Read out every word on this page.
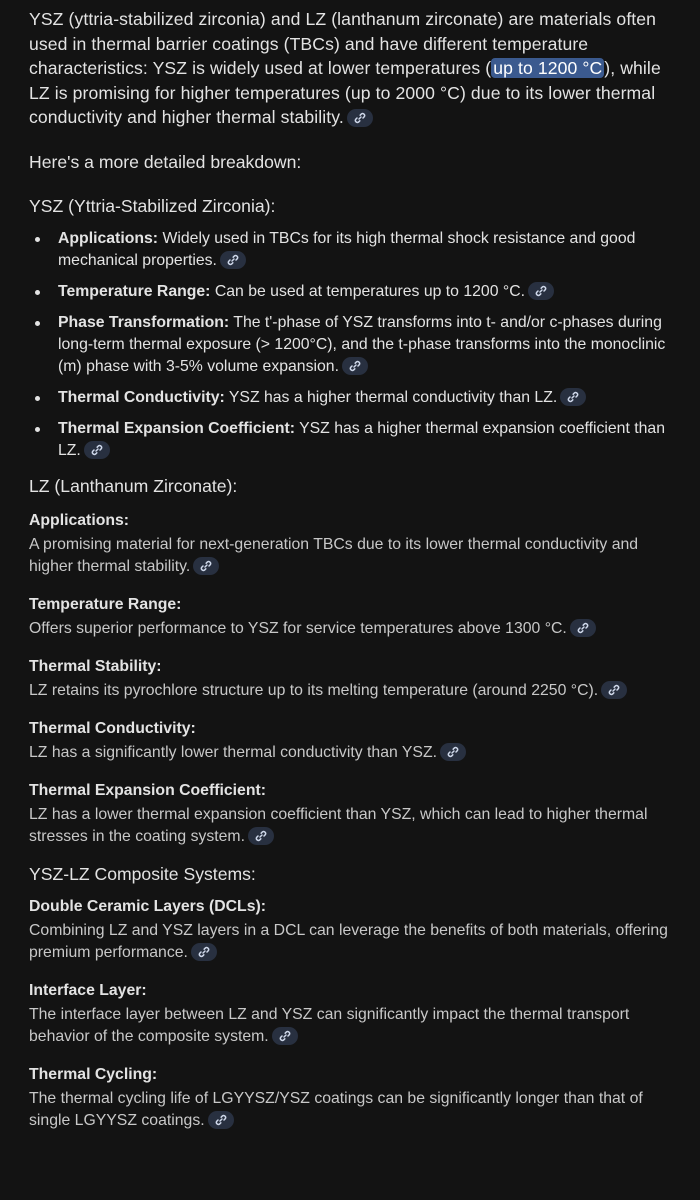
YSZ (yttria-stabilized zirconia) and LZ (lanthanum zirconate) are materials often used in thermal barrier coatings (TBCs) and have different temperature characteristics: YSZ is widely used at lower temperatures ( up to 1200 °C ), while LZ is promising for higher temperatures (up to 2000 °C) due to its lower thermal conductivity and higher thermal stability.

Here's a more detailed breakdown:

YSZ (Yttria-Stabilized Zirconia):
Applications: Widely used in TBCs for its high thermal shock resistance and good mechanical properties.
Temperature Range: Can be used at temperatures up to 1200 °C.
Phase Transformation: The t'-phase of YSZ transforms into t- and/or c-phases during long-term thermal exposure (> 1200°C), and the t-phase transforms into the monoclinic (m) phase with 3-5% volume expansion.
Thermal Conductivity: YSZ has a higher thermal conductivity than LZ.
Thermal Expansion Coefficient: YSZ has a higher thermal expansion coefficient than LZ.
LZ (Lanthanum Zirconate):

Applications:

A promising material for next-generation TBCs due to its lower thermal conductivity and higher thermal stability.

Temperature Range:

Offers superior performance to YSZ for service temperatures above 1300 °C.

Thermal Stability:

LZ retains its pyrochlore structure up to its melting temperature (around 2250 °C).

Thermal Conductivity:

LZ has a significantly lower thermal conductivity than YSZ.

Thermal Expansion Coefficient:

LZ has a lower thermal expansion coefficient than YSZ, which can lead to higher thermal stresses in the coating system.

YSZ-LZ Composite Systems:

Double Ceramic Layers (DCLs):

Combining LZ and YSZ layers in a DCL can leverage the benefits of both materials, offering premium performance.

Interface Layer:

The interface layer between LZ and YSZ can significantly impact the thermal transport behavior of the composite system.

Thermal Cycling:

The thermal cycling life of LGYYSZ/YSZ coatings can be significantly longer than that of single LGYYSZ coatings.
